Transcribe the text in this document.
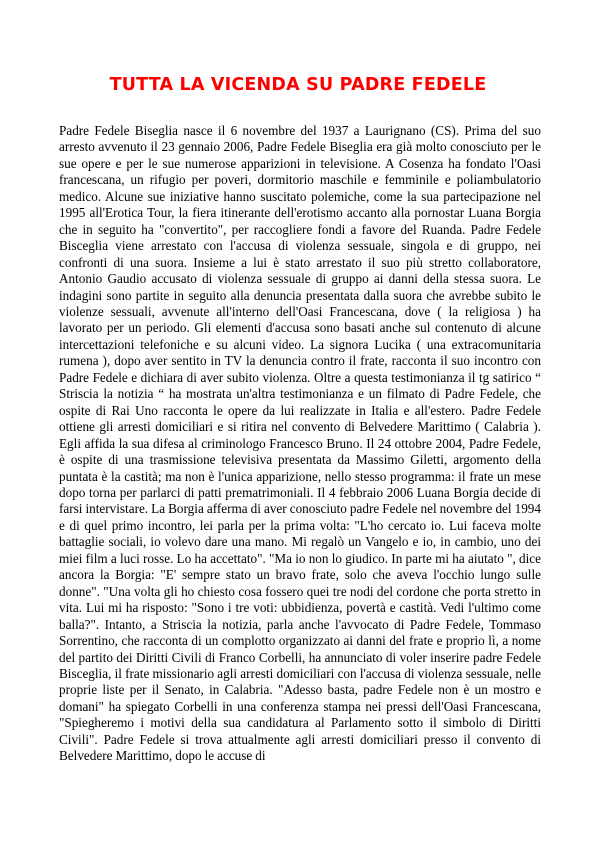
TUTTA LA VICENDA SU PADRE FEDELE

Padre Fedele Biseglia nasce il 6 novembre del 1937 a Laurignano (CS). Prima del suo arresto avvenuto il 23 gennaio 2006, Padre Fedele Biseglia era già molto conosciuto per le sue opere e per le sue numerose apparizioni in televisione. A Cosenza ha fondato l'Oasi francescana, un rifugio per poveri, dormitorio maschile e femminile e poliambulatorio medico. Alcune sue iniziative hanno suscitato polemiche, come la sua partecipazione nel 1995 all'Erotica Tour, la fiera itinerante dell'erotismo accanto alla pornostar Luana Borgia che in seguito ha "convertito", per raccogliere fondi a favore del Ruanda. Padre Fedele Bisceglia viene arrestato con l'accusa di violenza sessuale, singola e di gruppo, nei confronti di una suora. Insieme a lui è stato arrestato il suo più stretto collaboratore, Antonio Gaudio accusato di violenza sessuale di gruppo ai danni della stessa suora. Le indagini sono partite in seguito alla denuncia presentata dalla suora che avrebbe subito le violenze sessuali, avvenute all'interno dell'Oasi Francescana, dove ( la religiosa ) ha lavorato per un periodo. Gli elementi d'accusa sono basati anche sul contenuto di alcune intercettazioni telefoniche e su alcuni video. La signora Lucika ( una extracomunitaria rumena ), dopo aver sentito in TV la denuncia contro il frate, racconta il suo incontro con Padre Fedele e dichiara di aver subito violenza. Oltre a questa testimonianza il tg satirico “ Striscia la notizia “ ha mostrata un'altra testimonianza e un filmato di Padre Fedele, che ospite di Rai Uno racconta le opere da lui realizzate in Italia e all'estero. Padre Fedele ottiene gli arresti domiciliari e si ritira nel convento di Belvedere Marittimo ( Calabria ). Egli affida la sua difesa al criminologo Francesco Bruno. Il 24 ottobre 2004, Padre Fedele, è ospite di una trasmissione televisiva presentata da Massimo Giletti, argomento della puntata è la castità; ma non è l'unica apparizione, nello stesso programma: il frate un mese dopo torna per parlarci di patti prematrimoniali. Il 4 febbraio 2006 Luana Borgia decide di farsi intervistare. La Borgia afferma di aver conosciuto padre Fedele nel novembre del 1994 e di quel primo incontro, lei parla per la prima volta: "L'ho cercato io. Lui faceva molte battaglie sociali, io volevo dare una mano. Mi regalò un Vangelo e io, in cambio, uno dei miei film a luci rosse. Lo ha accettato". "Ma io non lo giudico. In parte mi ha aiutato ", dice ancora la Borgia: "E' sempre stato un bravo frate, solo che aveva l'occhio lungo sulle donne". "Una volta gli ho chiesto cosa fossero quei tre nodi del cordone che porta stretto in vita. Lui mi ha risposto: "Sono i tre voti: ubbidienza, povertà e castità. Vedi l'ultimo come balla?". Intanto, a Striscia la notizia, parla anche l'avvocato di Padre Fedele, Tommaso Sorrentino, che racconta di un complotto organizzato ai danni del frate e proprio lì, a nome del partito dei Diritti Civili di Franco Corbelli, ha annunciato di voler inserire padre Fedele Bisceglia, il frate missionario agli arresti domiciliari con l'accusa di violenza sessuale, nelle proprie liste per il Senato, in Calabria. "Adesso basta, padre Fedele non è un mostro e domani" ha spiegato Corbelli in una conferenza stampa nei pressi dell'Oasi Francescana, "Spiegheremo i motivi della sua candidatura al Parlamento sotto il simbolo di Diritti Civili". Padre Fedele si trova attualmente agli arresti domiciliari presso il convento di Belvedere Marittimo, dopo le accuse di
